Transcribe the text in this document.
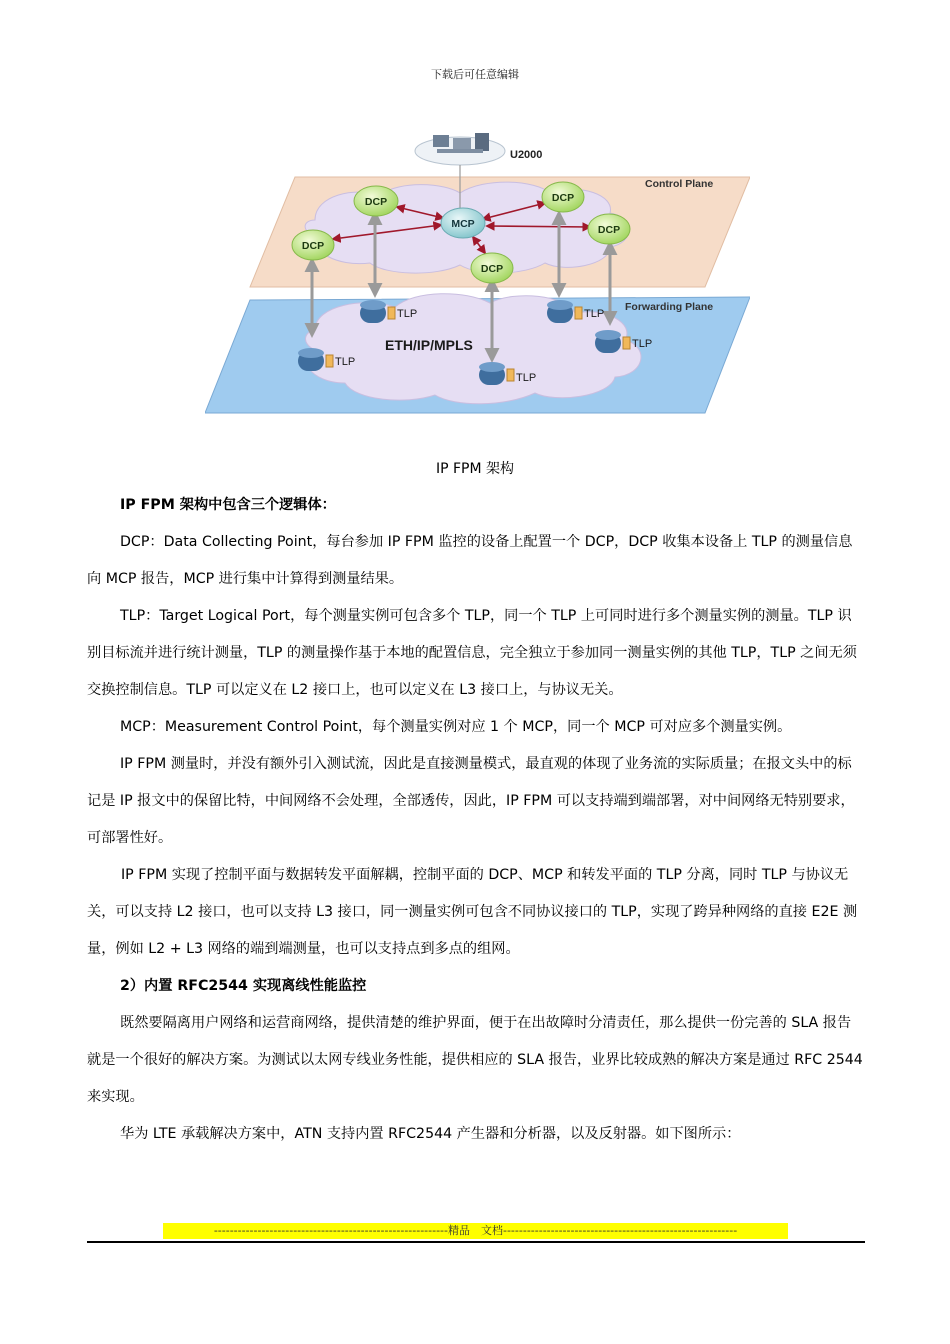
下载后可任意编辑
U2000
Control Plane
Forwarding Plane
ETH/IP/MPLS
DCP
DCP
DCP
DCP
DCP
MCP
TLP
TLP
TLP
TLP
TLP
IP FPM 架构

IP FPM 架构中包含三个逻辑体：

DCP：Data Collecting Point，每台参加 IP FPM 监控的设备上配置一个 DCP，DCP 收集本设备上 TLP 的测量信息向 MCP 报告，MCP 进行集中计算得到测量结果。

TLP：Target Logical Port，每个测量实例可包含多个 TLP，同一个 TLP 上可同时进行多个测量实例的测量。TLP 识别目标流并进行统计测量，TLP 的测量操作基于本地的配置信息，完全独立于参加同一测量实例的其他 TLP，TLP 之间无须交换控制信息。TLP 可以定义在 L2 接口上，也可以定义在 L3 接口上，与协议无关。

MCP：Measurement Control Point，每个测量实例对应 1 个 MCP，同一个 MCP 可对应多个测量实例。

IP FPM 测量时，并没有额外引入测试流，因此是直接测量模式，最直观的体现了业务流的实际质量；在报文头中的标记是 IP 报文中的保留比特，中间网络不会处理，全部透传，因此，IP FPM 可以支持端到端部署，对中间网络无特别要求，可部署性好。

IP FPM 实现了控制平面与数据转发平面解耦，控制平面的 DCP、MCP 和转发平面的 TLP 分离，同时 TLP 与协议无关，可以支持 L2 接口，也可以支持 L3 接口，同一测量实例可包含不同协议接口的 TLP，实现了跨异种网络的直接 E2E 测量，例如 L2 + L3 网络的端到端测量，也可以支持点到多点的组网。

2）内置 RFC2544 实现离线性能监控

既然要隔离用户网络和运营商网络，提供清楚的维护界面，便于在出故障时分清责任，那么提供一份完善的 SLA 报告就是一个很好的解决方案。为测试以太网专线业务性能，提供相应的 SLA 报告，业界比较成熟的解决方案是通过 RFC 2544 来实现。

华为 LTE 承载解决方案中，ATN 支持内置 RFC2544 产生器和分析器，以及反射器。如下图所示：

-----------------------------------------------------------精品　文档-----------------------------------------------------------
